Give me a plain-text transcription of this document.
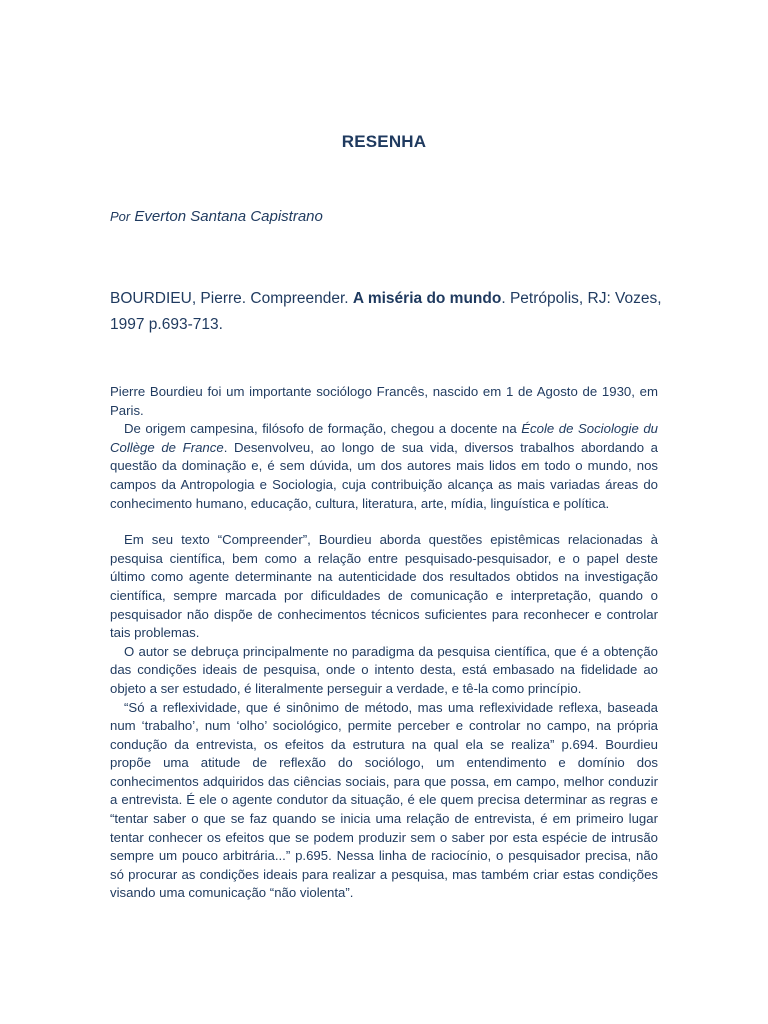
RESENHA
Por Everton Santana Capistrano
BOURDIEU, Pierre. Compreender. A miséria do mundo. Petrópolis, RJ: Vozes, 1997 p.693-713.

Pierre Bourdieu foi um importante sociólogo Francês, nascido em 1 de Agosto de 1930, em Paris.

De origem campesina, filósofo de formação, chegou a docente na École de Sociologie du Collège de France. Desenvolveu, ao longo de sua vida, diversos trabalhos abordando a questão da dominação e, é sem dúvida, um dos autores mais lidos em todo o mundo, nos campos da Antropologia e Sociologia, cuja contribuição alcança as mais variadas áreas do conhecimento humano, educação, cultura, literatura, arte, mídia, linguística e política.

Em seu texto “Compreender”, Bourdieu aborda questões epistêmicas relacionadas à pesquisa científica, bem como a relação entre pesquisado-pesquisador, e o papel deste último como agente determinante na autenticidade dos resultados obtidos na investigação científica, sempre marcada por dificuldades de comunicação e interpretação, quando o pesquisador não dispõe de conhecimentos técnicos suficientes para reconhecer e controlar tais problemas.

O autor se debruça principalmente no paradigma da pesquisa científica, que é a obtenção das condições ideais de pesquisa, onde o intento desta, está embasado na fidelidade ao objeto a ser estudado, é literalmente perseguir a verdade, e tê-la como princípio.

“Só a reflexividade, que é sinônimo de método, mas uma reflexividade reflexa, baseada num ‘trabalho’, num ‘olho’ sociológico, permite perceber e controlar no campo, na própria condução da entrevista, os efeitos da estrutura na qual ela se realiza” p.694. Bourdieu propõe uma atitude de reflexão do sociólogo, um entendimento e domínio dos conhecimentos adquiridos das ciências sociais, para que possa, em campo, melhor conduzir a entrevista. É ele o agente condutor da situação, é ele quem precisa determinar as regras e “tentar saber o que se faz quando se inicia uma relação de entrevista, é em primeiro lugar tentar conhecer os efeitos que se podem produzir sem o saber por esta espécie de intrusão sempre um pouco arbitrária...” p.695. Nessa linha de raciocínio, o pesquisador precisa, não só procurar as condições ideais para realizar a pesquisa, mas também criar estas condições visando uma comunicação “não violenta”.
